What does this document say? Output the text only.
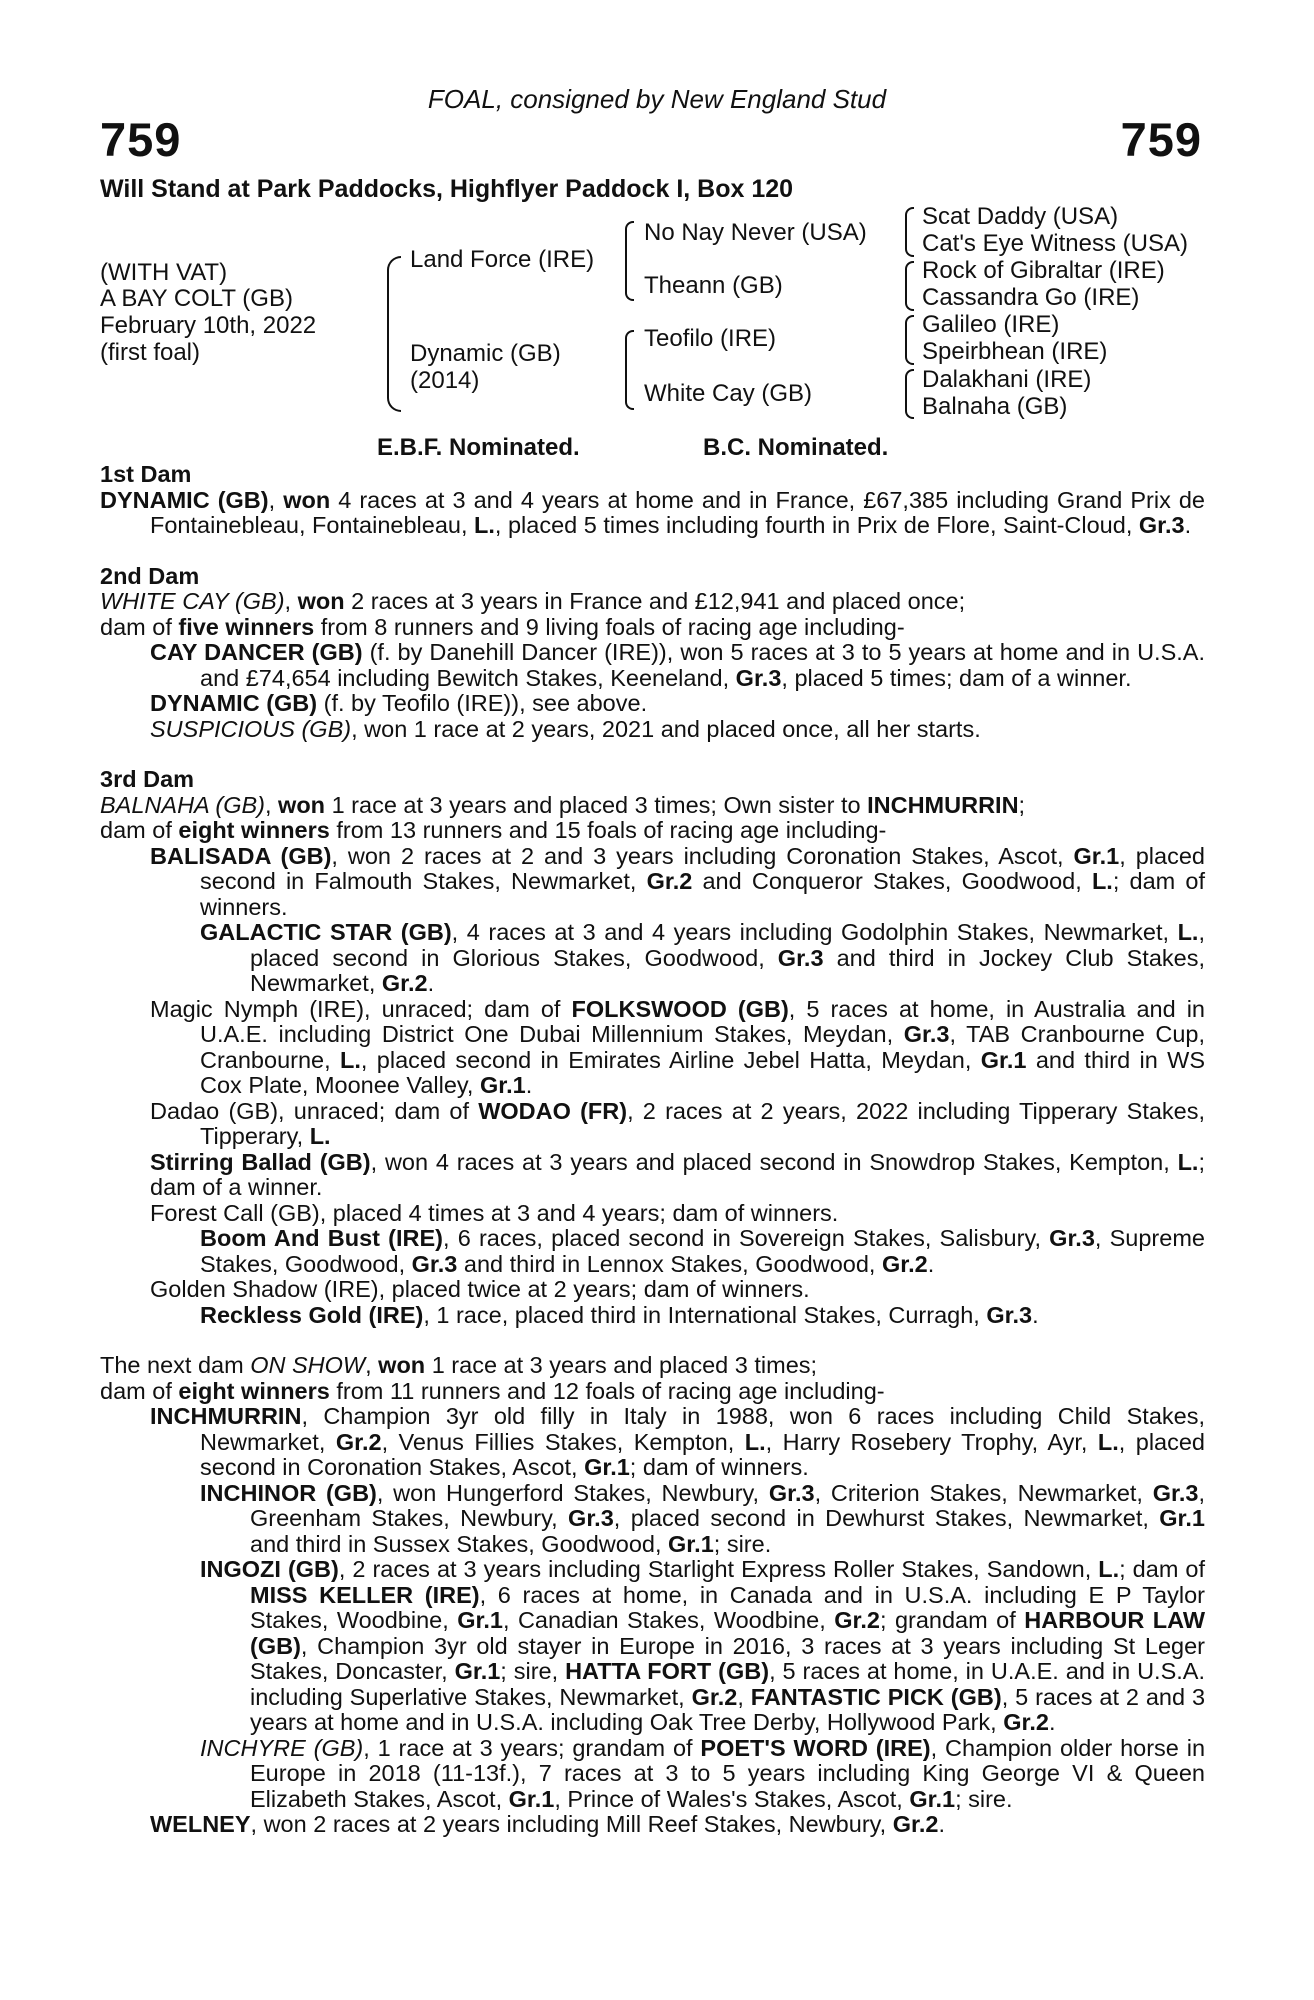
FOAL, consigned by New England Stud
759	759
Will Stand at Park Paddocks, Highflyer Paddock I, Box 120
(WITH VAT)
A BAY COLT (GB)
February 10th, 2022
(first foal)
Land Force (IRE)
Dynamic (GB)
(2014)
No Nay Never (USA)
Theann (GB)
Teofilo (IRE)
White Cay (GB)
Scat Daddy (USA)
Cat's Eye Witness (USA)
Rock of Gibraltar (IRE)
Cassandra Go (IRE)
Galileo (IRE)
Speirbhean (IRE)
Dalakhani (IRE)
Balnaha (GB)
E.B.F. Nominated.	B.C. Nominated.

1st Dam

DYNAMIC (GB), won 4 races at 3 and 4 years at home and in France, £67,385 including Grand Prix de Fontainebleau, Fontainebleau, L., placed 5 times including fourth in Prix de Flore, Saint-Cloud, Gr.3.

2nd Dam

WHITE CAY (GB), won 2 races at 3 years in France and £12,941 and placed once;

dam of five winners from 8 runners and 9 living foals of racing age including-

CAY DANCER (GB) (f. by Danehill Dancer (IRE)), won 5 races at 3 to 5 years at home and in U.S.A. and £74,654 including Bewitch Stakes, Keeneland, Gr.3, placed 5 times; dam of a winner.

DYNAMIC (GB) (f. by Teofilo (IRE)), see above.

SUSPICIOUS (GB), won 1 race at 2 years, 2021 and placed once, all her starts.

3rd Dam

BALNAHA (GB), won 1 race at 3 years and placed 3 times; Own sister to INCHMURRIN;

dam of eight winners from 13 runners and 15 foals of racing age including-

BALISADA (GB), won 2 races at 2 and 3 years including Coronation Stakes, Ascot, Gr.1, placed second in Falmouth Stakes, Newmarket, Gr.2 and Conqueror Stakes, Goodwood, L.; dam of winners.

GALACTIC STAR (GB), 4 races at 3 and 4 years including Godolphin Stakes, Newmarket, L., placed second in Glorious Stakes, Goodwood, Gr.3 and third in Jockey Club Stakes, Newmarket, Gr.2.

Magic Nymph (IRE), unraced; dam of FOLKSWOOD (GB), 5 races at home, in Australia and in U.A.E. including District One Dubai Millennium Stakes, Meydan, Gr.3, TAB Cranbourne Cup, Cranbourne, L., placed second in Emirates Airline Jebel Hatta, Meydan, Gr.1 and third in WS Cox Plate, Moonee Valley, Gr.1.

Dadao (GB), unraced; dam of WODAO (FR), 2 races at 2 years, 2022 including Tipperary Stakes, Tipperary, L.

Stirring Ballad (GB), won 4 races at 3 years and placed second in Snowdrop Stakes, Kempton, L.; dam of a winner.

Forest Call (GB), placed 4 times at 3 and 4 years; dam of winners.

Boom And Bust (IRE), 6 races, placed second in Sovereign Stakes, Salisbury, Gr.3, Supreme Stakes, Goodwood, Gr.3 and third in Lennox Stakes, Goodwood, Gr.2.

Golden Shadow (IRE), placed twice at 2 years; dam of winners.

Reckless Gold (IRE), 1 race, placed third in International Stakes, Curragh, Gr.3.

The next dam ON SHOW, won 1 race at 3 years and placed 3 times;

dam of eight winners from 11 runners and 12 foals of racing age including-

INCHMURRIN, Champion 3yr old filly in Italy in 1988, won 6 races including Child Stakes, Newmarket, Gr.2, Venus Fillies Stakes, Kempton, L., Harry Rosebery Trophy, Ayr, L., placed second in Coronation Stakes, Ascot, Gr.1; dam of winners.

INCHINOR (GB), won Hungerford Stakes, Newbury, Gr.3, Criterion Stakes, Newmarket, Gr.3, Greenham Stakes, Newbury, Gr.3, placed second in Dewhurst Stakes, Newmarket, Gr.1 and third in Sussex Stakes, Goodwood, Gr.1; sire.

INGOZI (GB), 2 races at 3 years including Starlight Express Roller Stakes, Sandown, L.; dam of MISS KELLER (IRE), 6 races at home, in Canada and in U.S.A. including E P Taylor Stakes, Woodbine, Gr.1, Canadian Stakes, Woodbine, Gr.2; grandam of HARBOUR LAW (GB), Champion 3yr old stayer in Europe in 2016, 3 races at 3 years including St Leger Stakes, Doncaster, Gr.1; sire, HATTA FORT (GB), 5 races at home, in U.A.E. and in U.S.A. including Superlative Stakes, Newmarket, Gr.2, FANTASTIC PICK (GB), 5 races at 2 and 3 years at home and in U.S.A. including Oak Tree Derby, Hollywood Park, Gr.2.

INCHYRE (GB), 1 race at 3 years; grandam of POET'S WORD (IRE), Champion older horse in Europe in 2018 (11-13f.), 7 races at 3 to 5 years including King George VI & Queen Elizabeth Stakes, Ascot, Gr.1, Prince of Wales's Stakes, Ascot, Gr.1; sire.

WELNEY, won 2 races at 2 years including Mill Reef Stakes, Newbury, Gr.2.
